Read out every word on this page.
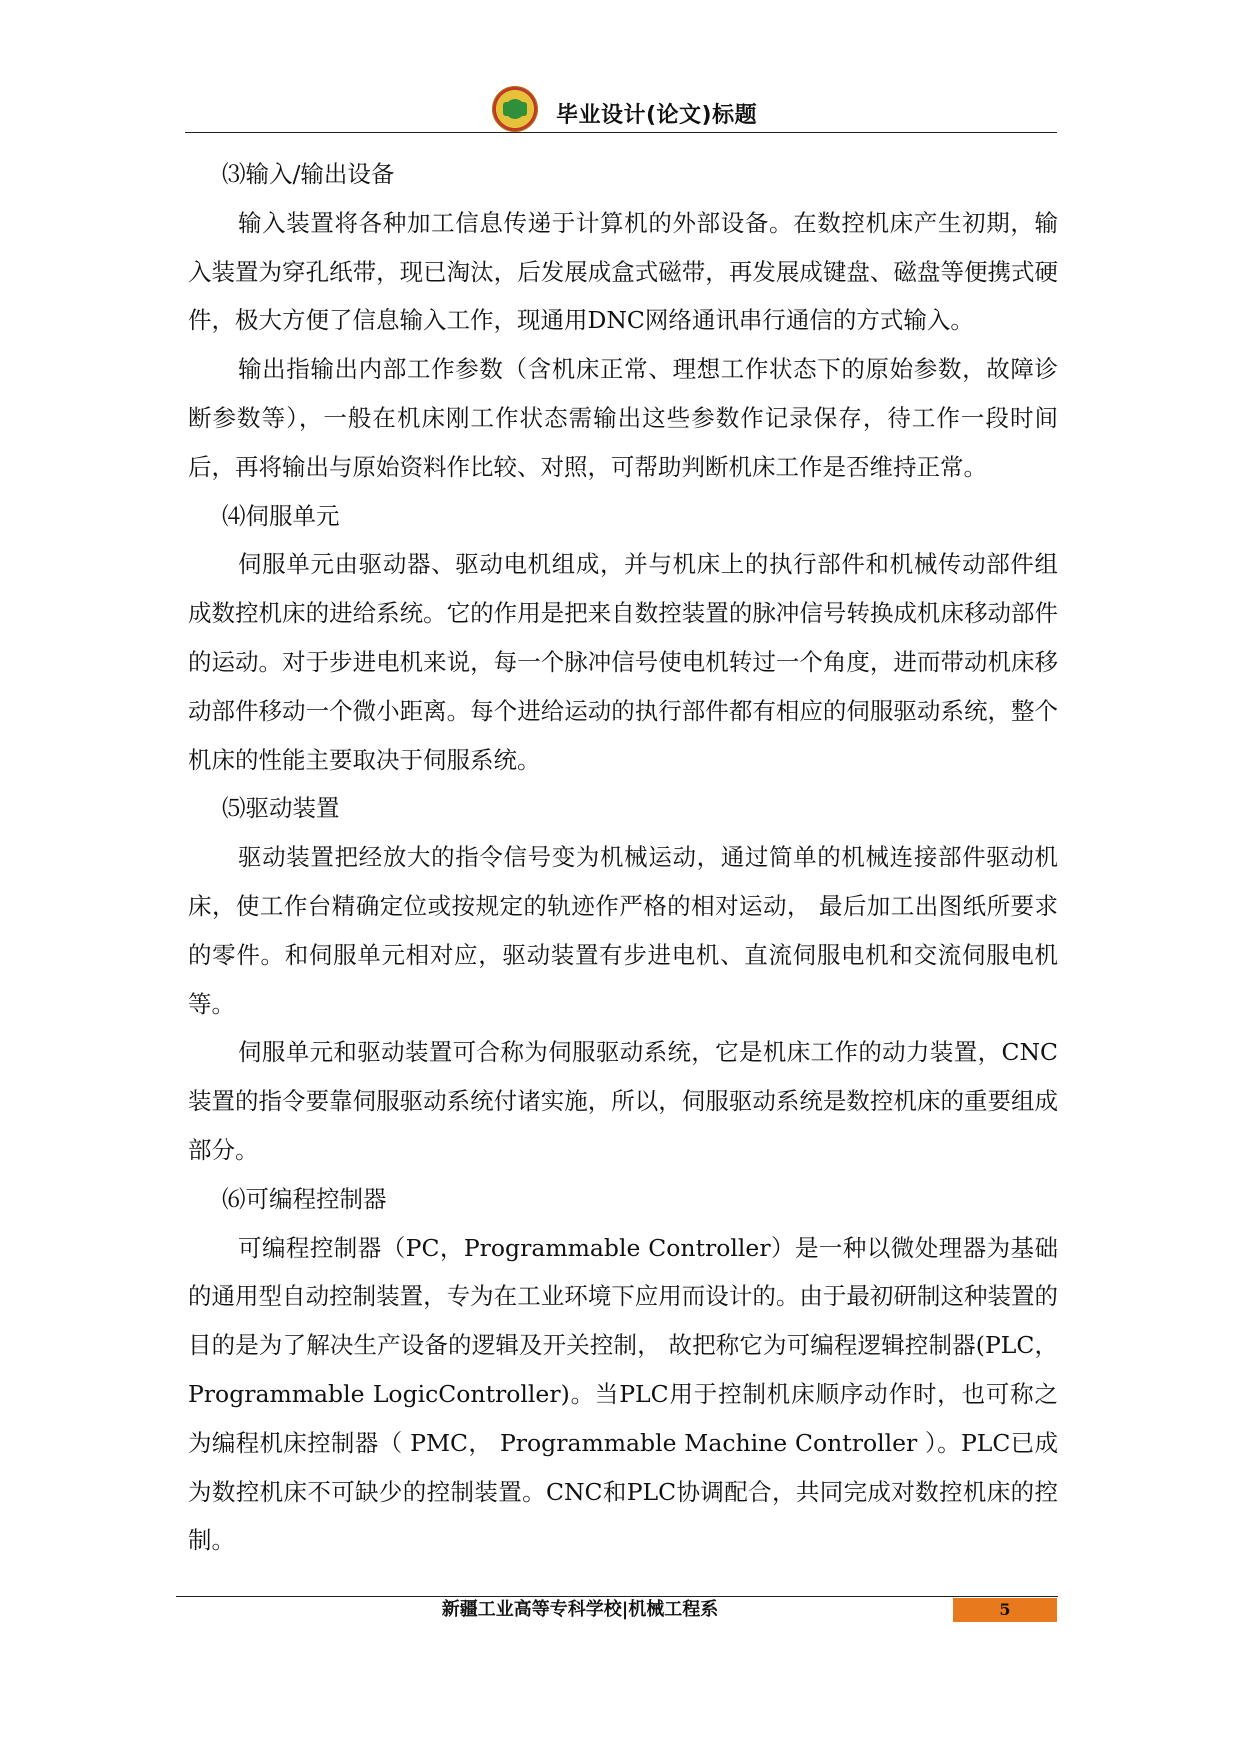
毕业设计(论文)标题

⑶输入/输出设备

输入装置将各种加工信息传递于计算机的外部设备。在数控机床产生初期，输入装置为穿孔纸带，现已淘汰，后发展成盒式磁带，再发展成键盘、磁盘等便携式硬件，极大方便了信息输入工作，现通用DNC网络通讯串行通信的方式输入。

输出指输出内部工作参数（含机床正常、理想工作状态下的原始参数，故障诊断参数等），一般在机床刚工作状态需输出这些参数作记录保存，待工作一段时间后，再将输出与原始资料作比较、对照，可帮助判断机床工作是否维持正常。

⑷伺服单元

伺服单元由驱动器、驱动电机组成，并与机床上的执行部件和机械传动部件组成数控机床的进给系统。它的作用是把来自数控装置的脉冲信号转换成机床移动部件的运动。对于步进电机来说，每一个脉冲信号使电机转过一个角度，进而带动机床移动部件移动一个微小距离。每个进给运动的执行部件都有相应的伺服驱动系统，整个机床的性能主要取决于伺服系统。

⑸驱动装置

驱动装置把经放大的指令信号变为机械运动，通过简单的机械连接部件驱动机床，使工作台精确定位或按规定的轨迹作严格的相对运动， 最后加工出图纸所要求的零件。和伺服单元相对应，驱动装置有步进电机、直流伺服电机和交流伺服电机等。

伺服单元和驱动装置可合称为伺服驱动系统，它是机床工作的动力装置，CNC装置的指令要靠伺服驱动系统付诸实施，所以，伺服驱动系统是数控机床的重要组成部分。

⑹可编程控制器

可编程控制器（PC，Programmable Controller）是一种以微处理器为基础的通用型自动控制装置，专为在工业环境下应用而设计的。由于最初研制这种装置的目的是为了解决生产设备的逻辑及开关控制， 故把称它为可编程逻辑控制器(PLC，Programmable LogicController)。当PLC用于控制机床顺序动作时，也可称之为编程机床控制器（ PMC， Programmable Machine Controller ）。PLC已成为数控机床不可缺少的控制装置。CNC和PLC协调配合，共同完成对数控机床的控制。

新疆工业高等专科学校|机械工程系	5
